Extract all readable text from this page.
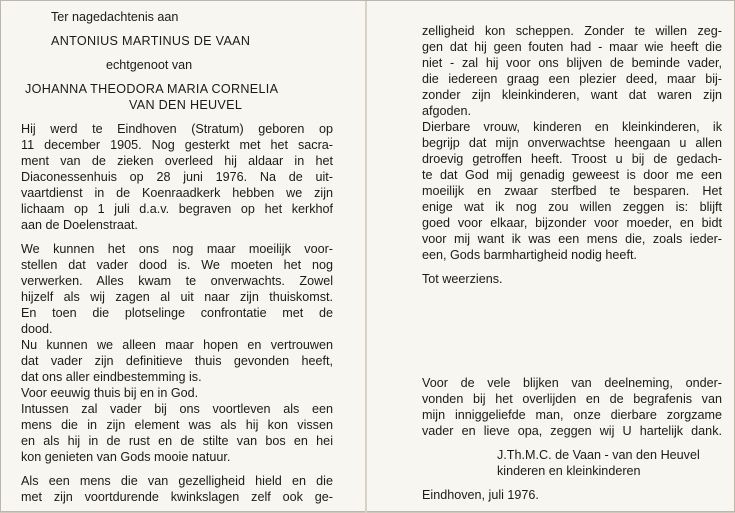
Ter nagedachtenis aan
ANTONIUS MARTINUS DE VAAN
echtgenoot van
JOHANNA THEODORA MARIA CORNELIA
VAN DEN HEUVEL
Hij werd te Eindhoven (Stratum) geboren op
11 december 1905. Nog gesterkt met het sacra-
ment van de zieken overleed hij aldaar in het
Diaconessenhuis op 28 juni 1976. Na de uit-
vaartdienst in de Koenraadkerk hebben we zijn
lichaam op 1 juli d.a.v. begraven op het kerkhof
aan de Doelenstraat.
We kunnen het ons nog maar moeilijk voor-
stellen dat vader dood is. We moeten het nog
verwerken. Alles kwam te onverwachts. Zowel
hijzelf als wij zagen al uit naar zijn thuiskomst.
En toen die plotselinge confrontatie met de
dood.
Nu kunnen we alleen maar hopen en vertrouwen
dat vader zijn definitieve thuis gevonden heeft,
dat ons aller eindbestemming is.
Voor eeuwig thuis bij en in God.
Intussen zal vader bij ons voortleven als een
mens die in zijn element was als hij kon vissen
en als hij in de rust en de stilte van bos en hei
kon genieten van Gods mooie natuur.
Als een mens die van gezelligheid hield en die
met zijn voortdurende kwinkslagen zelf ook ge-
zelligheid kon scheppen. Zonder te willen zeg-
gen dat hij geen fouten had - maar wie heeft die
niet - zal hij voor ons blijven de beminde vader,
die iedereen graag een plezier deed, maar bij-
zonder zijn kleinkinderen, want dat waren zijn
afgoden.
Dierbare vrouw, kinderen en kleinkinderen, ik
begrijp dat mijn onverwachtse heengaan u allen
droevig getroffen heeft. Troost u bij de gedach-
te dat God mij genadig geweest is door me een
moeilijk en zwaar sterfbed te besparen. Het
enige wat ik nog zou willen zeggen is: blijft
goed voor elkaar, bijzonder voor moeder, en bidt
voor mij want ik was een mens die, zoals ieder-
een, Gods barmhartigheid nodig heeft.
Tot weerziens.
Voor de vele blijken van deelneming, onder-
vonden bij het overlijden en de begrafenis van
mijn inniggeliefde man, onze dierbare zorgzame
vader en lieve opa, zeggen wij U hartelijk dank.
J.Th.M.C. de Vaan - van den Heuvel
kinderen en kleinkinderen
Eindhoven, juli 1976.
